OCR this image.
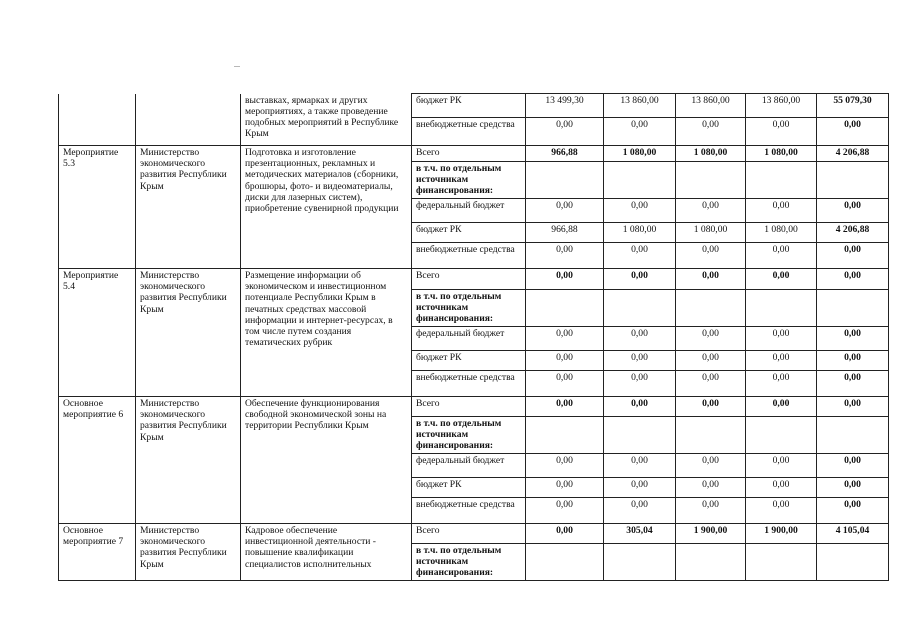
		выставках, ярмарках и других мероприятиях, а также проведение подобных мероприятий в Республике Крым	бюджет РК	13 499,30	13 860,00	13 860,00	13 860,00	55 079,30
			внебюджетные средства	0,00	0,00	0,00	0,00	0,00
Мероприятие 5.3	Министерство экономического развития Республики Крым	Подготовка и изготовление презентационных, рекламных и методических материалов (сборники, брошюры, фото- и видеоматериалы, диски для лазерных систем), приобретение сувенирной продукции	Всего	966,88	1 080,00	1 080,00	1 080,00	4 206,88
			в т.ч. по отдельным источникам финансирования:					
			федеральный бюджет	0,00	0,00	0,00	0,00	0,00
			бюджет РК	966,88	1 080,00	1 080,00	1 080,00	4 206,88
			внебюджетные средства	0,00	0,00	0,00	0,00	0,00
Мероприятие 5.4	Министерство экономического развития Республики Крым	Размещение информации об экономическом и инвестиционном потенциале Республики Крым в печатных средствах массовой информации и интернет-ресурсах, в том числе путем создания тематических рубрик	Всего	0,00	0,00	0,00	0,00	0,00
			в т.ч. по отдельным источникам финансирования:					
			федеральный бюджет	0,00	0,00	0,00	0,00	0,00
			бюджет РК	0,00	0,00	0,00	0,00	0,00
			внебюджетные средства	0,00	0,00	0,00	0,00	0,00
Основное мероприятие 6	Министерство экономического развития Республики Крым	Обеспечение функционирования свободной экономической зоны на территории Республики Крым	Всего	0,00	0,00	0,00	0,00	0,00
			в т.ч. по отдельным источникам финансирования:					
			федеральный бюджет	0,00	0,00	0,00	0,00	0,00
			бюджет РК	0,00	0,00	0,00	0,00	0,00
			внебюджетные средства	0,00	0,00	0,00	0,00	0,00
Основное мероприятие 7	Министерство экономического развития Республики Крым	Кадровое обеспечение инвестиционной деятельности - повышение квалификации специалистов исполнительных	Всего	0,00	305,04	1 900,00	1 900,00	4 105,04
			в т.ч. по отдельным источникам финансирования:					
